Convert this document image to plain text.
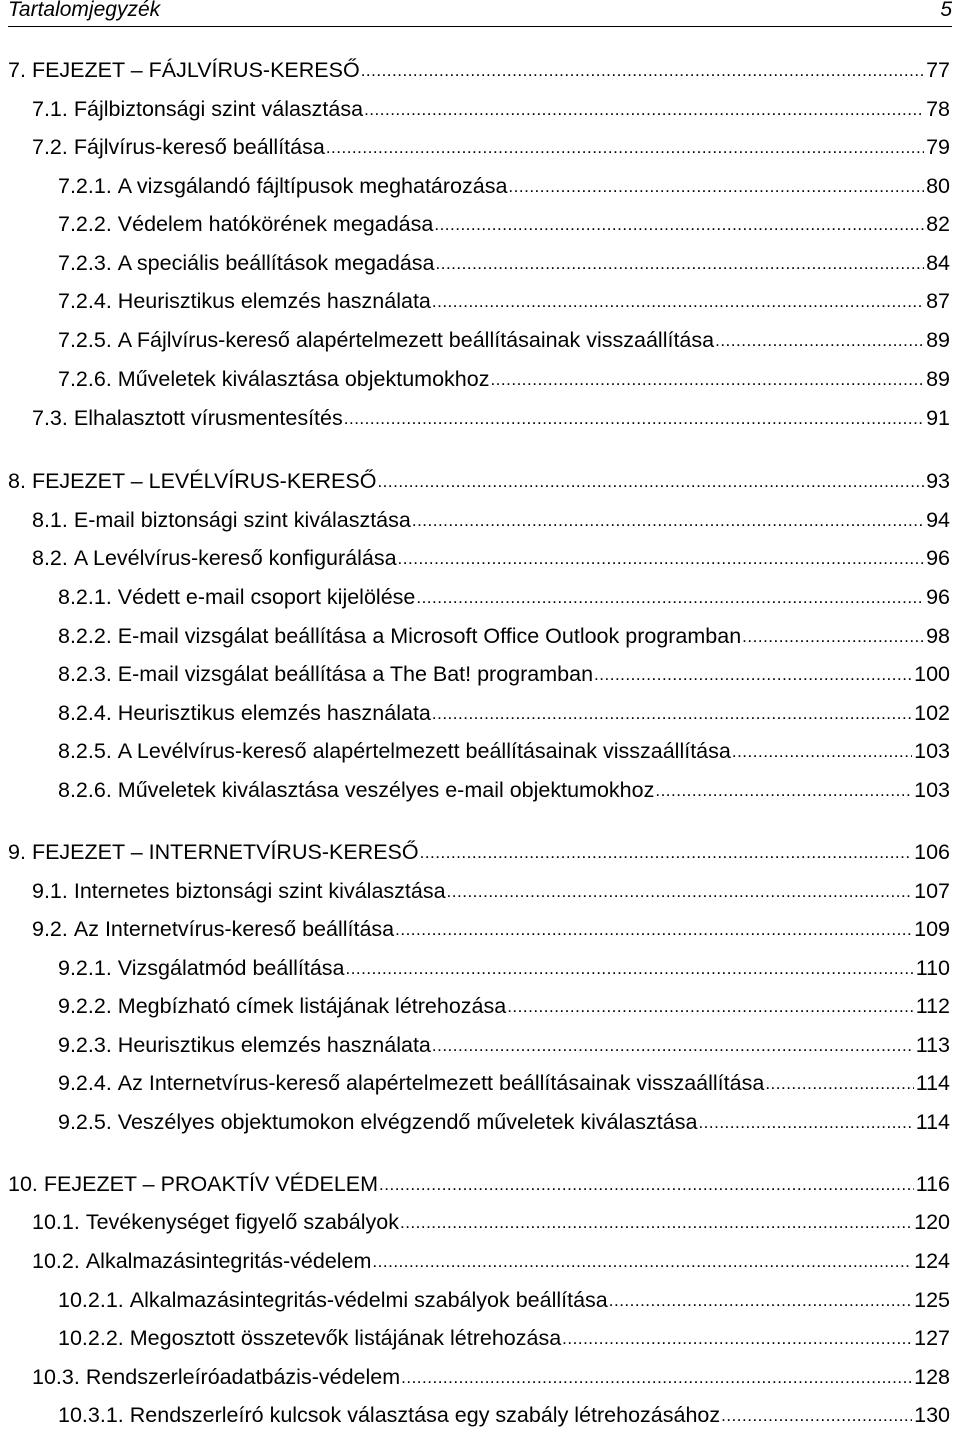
Tartalomjegyzék	5
7. FEJEZET – FÁJLVÍRUS-KERESŐ .....	77
7.1. Fájlbiztonsági szint választása .....	78
7.2. Fájlvírus-kereső beállítása .....	79
7.2.1. A vizsgálandó fájltípusok meghatározása .....	80
7.2.2. Védelem hatókörének megadása .....	82
7.2.3. A speciális beállítások megadása .....	84
7.2.4. Heurisztikus elemzés használata .....	87
7.2.5. A Fájlvírus-kereső alapértelmezett beállításainak visszaállítása .....	89
7.2.6. Műveletek kiválasztása objektumokhoz .....	89
7.3. Elhalasztott vírusmentesítés .....	91
8. FEJEZET – LEVÉLVÍRUS-KERESŐ .....	93
8.1. E-mail biztonsági szint kiválasztása .....	94
8.2. A Levélvírus-kereső konfigurálása .....	96
8.2.1. Védett e-mail csoport kijelölése .....	96
8.2.2. E-mail vizsgálat beállítása a Microsoft Office Outlook programban .....	98
8.2.3. E-mail vizsgálat beállítása a The Bat! programban .....	100
8.2.4. Heurisztikus elemzés használata .....	102
8.2.5. A Levélvírus-kereső alapértelmezett beállításainak visszaállítása .....	103
8.2.6. Műveletek kiválasztása veszélyes e-mail objektumokhoz .....	103
9. FEJEZET – INTERNETVÍRUS-KERESŐ .....	106
9.1. Internetes biztonsági szint kiválasztása .....	107
9.2. Az Internetvírus-kereső beállítása .....	109
9.2.1. Vizsgálatmód beállítása .....	110
9.2.2. Megbízható címek listájának létrehozása .....	112
9.2.3. Heurisztikus elemzés használata .....	113
9.2.4. Az Internetvírus-kereső alapértelmezett beállításainak visszaállítása .....	114
9.2.5. Veszélyes objektumokon elvégzendő műveletek kiválasztása .....	114
10. FEJEZET – PROAKTÍV VÉDELEM .....	116
10.1. Tevékenységet figyelő szabályok .....	120
10.2. Alkalmazásintegritás-védelem .....	124
10.2.1. Alkalmazásintegritás-védelmi szabályok beállítása .....	125
10.2.2. Megosztott összetevők listájának létrehozása .....	127
10.3. Rendszerleíróadatbázis-védelem .....	128
10.3.1. Rendszerleíró kulcsok választása egy szabály létrehozásához .....	130
